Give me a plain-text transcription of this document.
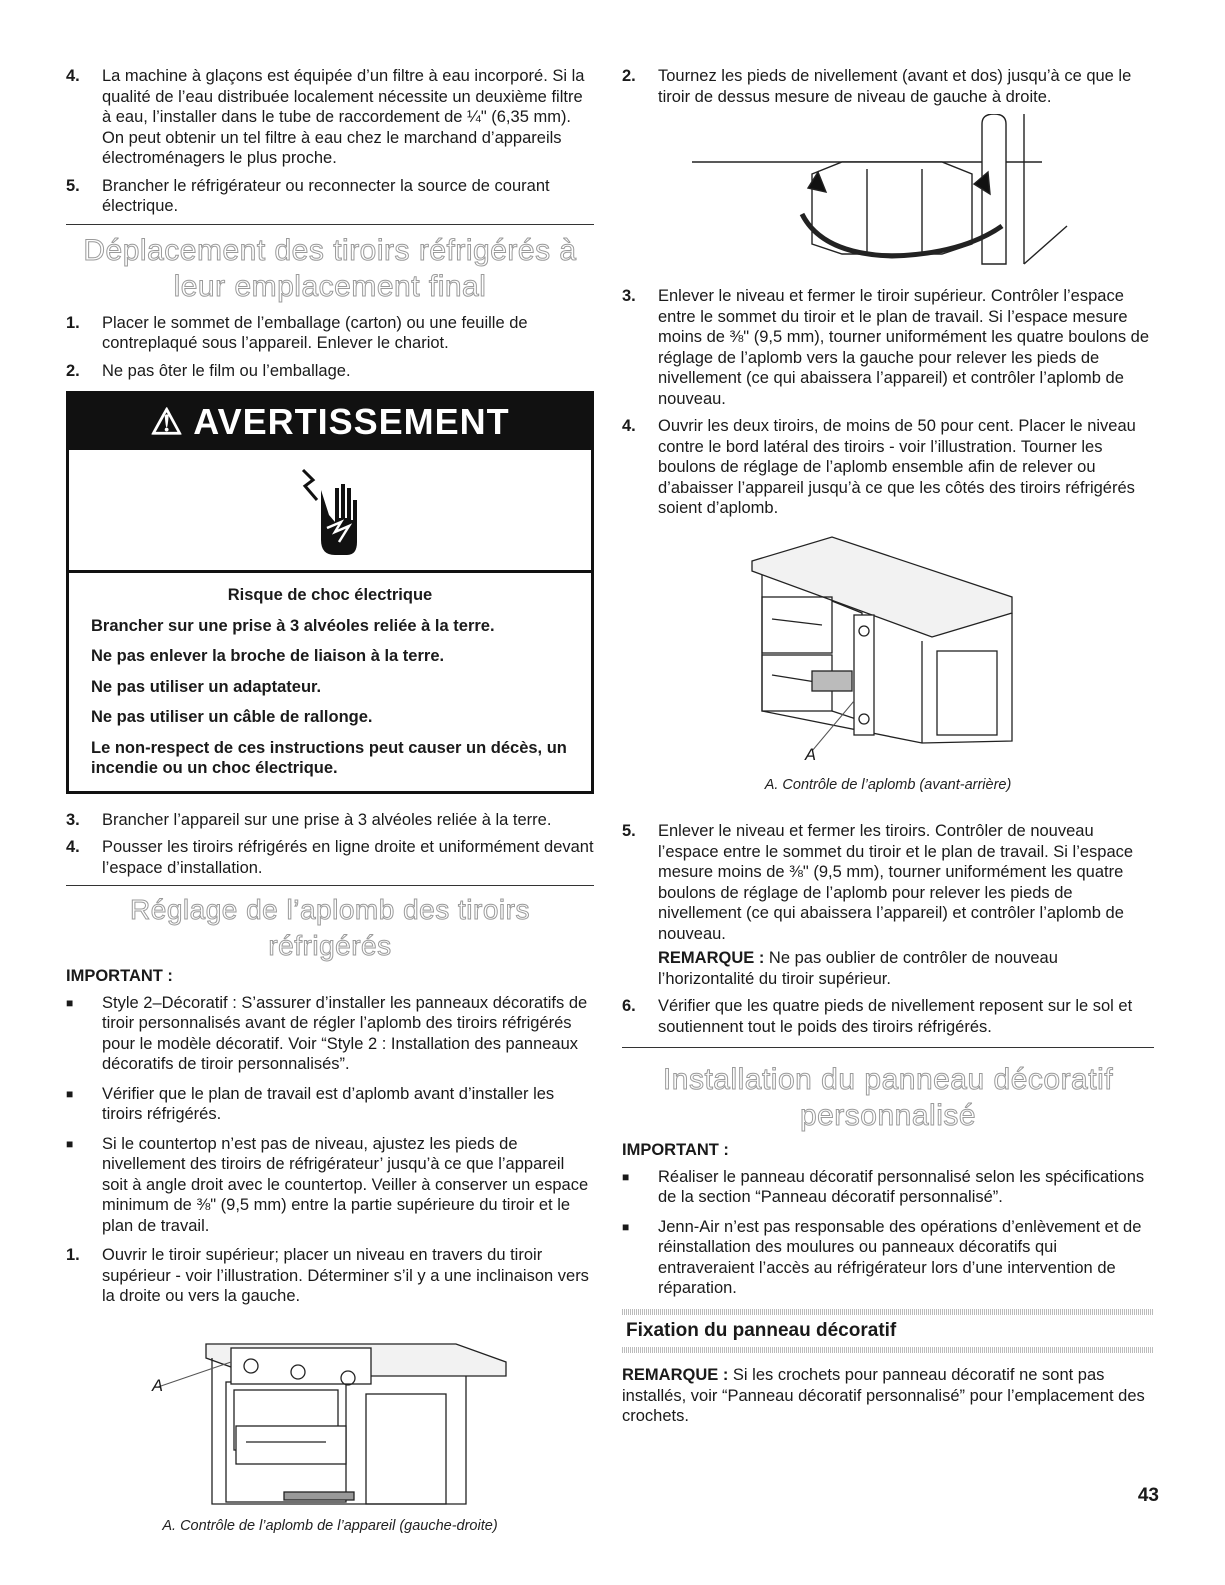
4.	La machine à glaçons est équipée d’un filtre à eau incorporé. Si la qualité de l’eau distribuée localement nécessite un deuxième filtre à eau, l’installer dans le tube de raccordement de ¼" (6,35 mm). On peut obtenir un tel filtre à eau chez le marchand d’appareils électroménagers le plus proche.
5.	Brancher le réfrigérateur ou reconnecter la source de courant électrique.
Déplacement des tiroirs réfrigérés à leur emplacement final
1.	Placer le sommet de l’emballage (carton) ou une feuille de contreplaqué sous l’appareil. Enlever le chariot.
2.	Ne pas ôter le film ou l’emballage.
⚠ AVERTISSEMENT
Risque de choc électrique
Brancher sur une prise à 3 alvéoles reliée à la terre.
Ne pas enlever la broche de liaison à la terre.
Ne pas utiliser un adaptateur.
Ne pas utiliser un câble de rallonge.
Le non-respect de ces instructions peut causer un décès, un incendie ou un choc électrique.
3.	Brancher l’appareil sur une prise à 3 alvéoles reliée à la terre.
4.	Pousser les tiroirs réfrigérés en ligne droite et uniformément devant l’espace d’installation.
Réglage de l’aplomb des tiroirs réfrigérés
IMPORTANT :
■	Style 2–Décoratif : S’assurer d’installer les panneaux décoratifs de tiroir personnalisés avant de régler l’aplomb des tiroirs réfrigérés pour le modèle décoratif. Voir “Style 2 : Installation des panneaux décoratifs de tiroir personnalisés”.
■	Vérifier que le plan de travail est d’aplomb avant d’installer les tiroirs réfrigérés.
■	Si le countertop n’est pas de niveau, ajustez les pieds de nivellement des tiroirs de réfrigérateur’ jusqu’à ce que l’appareil soit à angle droit avec le countertop. Veiller à conserver un espace minimum de ⅜" (9,5 mm) entre la partie supérieure du tiroir et le plan de travail.
1.	Ouvrir le tiroir supérieur; placer un niveau en travers du tiroir supérieur - voir l’illustration. Déterminer s’il y a une inclinaison vers la droite ou vers la gauche.
A
A. Contrôle de l’aplomb de l’appareil (gauche-droite)
2.	Tournez les pieds de nivellement (avant et dos) jusqu’à ce que le tiroir de dessus mesure de niveau de gauche à droite.
3.	Enlever le niveau et fermer le tiroir supérieur. Contrôler l’espace entre le sommet du tiroir et le plan de travail. Si l’espace mesure moins de ⅜" (9,5 mm), tourner uniformément les quatre boulons de réglage de l’aplomb vers la gauche pour relever les pieds de nivellement (ce qui abaissera l’appareil) et contrôler l’aplomb de nouveau.
4.	Ouvrir les deux tiroirs, de moins de 50 pour cent. Placer le niveau contre le bord latéral des tiroirs - voir l’illustration. Tourner les boulons de réglage de l’aplomb ensemble afin de relever ou d’abaisser l’appareil jusqu’à ce que les côtés des tiroirs réfrigérés soient d’aplomb.
A
A. Contrôle de l’aplomb (avant-arrière)
5.	Enlever le niveau et fermer les tiroirs. Contrôler de nouveau l’espace entre le sommet du tiroir et le plan de travail. Si l’espace mesure moins de ⅜" (9,5 mm), tourner uniformément les quatre boulons de réglage de l’aplomb pour relever les pieds de nivellement (ce qui abaissera l’appareil) et contrôler l’aplomb de nouveau.
REMARQUE : Ne pas oublier de contrôler de nouveau l’horizontalité du tiroir supérieur.
6.	Vérifier que les quatre pieds de nivellement reposent sur le sol et soutiennent tout le poids des tiroirs réfrigérés.
Installation du panneau décoratif personnalisé
IMPORTANT :
■	Réaliser le panneau décoratif personnalisé selon les spécifications de la section “Panneau décoratif personnalisé”.
■	Jenn-Air n’est pas responsable des opérations d’enlèvement et de réinstallation des moulures ou panneaux décoratifs qui entraveraient l’accès au réfrigérateur lors d’une intervention de réparation.
Fixation du panneau décoratif
REMARQUE : Si les crochets pour panneau décoratif ne sont pas installés, voir “Panneau décoratif personnalisé” pour l’emplacement des crochets.
43
